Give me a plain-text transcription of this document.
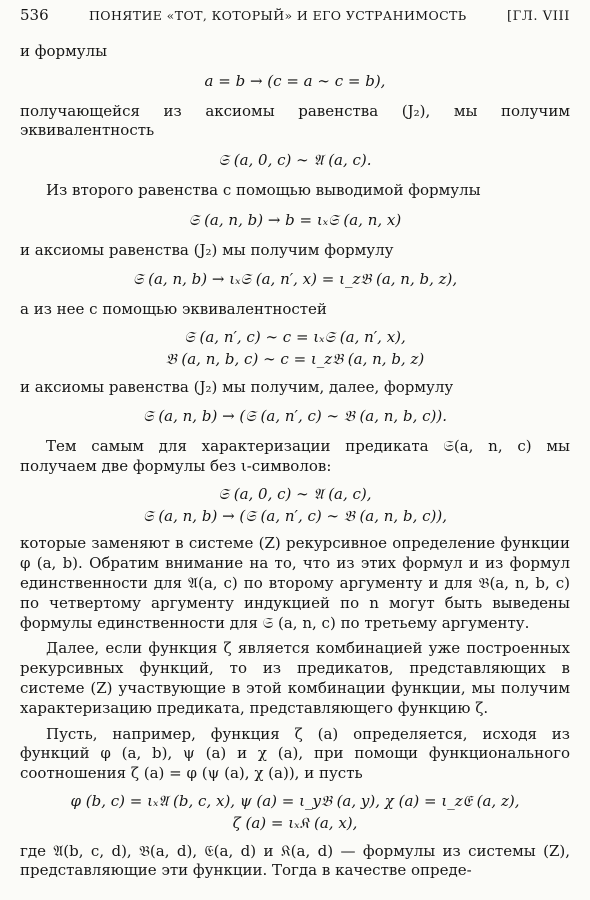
536	ПОНЯТИЕ «ТОТ, КОТОРЫЙ» И ЕГО УСТРАНИМОСТЬ	[ГЛ. VIII

и формулы

a = b → (c = a ∼ c = b),

получающейся из аксиомы равенства (J₂), мы получим эквивалентность

𝔖 (a, 0, c) ∼ 𝔄 (a, c).

Из второго равенства с помощью выводимой формулы

𝔖 (a, n, b) → b = ιₓ𝔖 (a, n, x)

и аксиомы равенства (J₂) мы получим формулу

𝔖 (a, n, b) → ιₓ𝔖 (a, n′, x) = ι_z𝔅 (a, n, b, z),

а из нее с помощью эквивалентностей

𝔖 (a, n′, c) ∼ c = ιₓ𝔖 (a, n′, x),
𝔅 (a, n, b, c) ∼ c = ι_z𝔅 (a, n, b, z)

и аксиомы равенства (J₂) мы получим, далее, формулу

𝔖 (a, n, b) → (𝔖 (a, n′, c) ∼ 𝔅 (a, n, b, c)).

Тем самым для характеризации предиката 𝔖(a, n, c) мы получаем две формулы без ι-символов:

𝔖 (a, 0, c) ∼ 𝔄 (a, c),
𝔖 (a, n, b) → (𝔖 (a, n′, c) ∼ 𝔅 (a, n, b, c)),

которые заменяют в системе (Z) рекурсивное определение функции φ (a, b). Обратим внимание на то, что из этих формул и из формул единственности для 𝔄(a, c) по второму аргументу и для 𝔅(a, n, b, c) по четвертому аргументу индукцией по n могут быть выведены формулы единственности для 𝔖 (a, n, c) по третьему аргументу.

Далее, если функция ζ является комбинацией уже построенных рекурсивных функций, то из предикатов, представляющих в системе (Z) участвующие в этой комбинации функции, мы получим характеризацию предиката, представляющего функцию ζ.

Пусть, например, функция ζ (a) определяется, исходя из функций φ (a, b), ψ (a) и χ (a), при помощи функционального соотношения ζ (a) = φ (ψ (a), χ (a)), и пусть

φ (b, c) = ιₓ𝔄 (b, c, x), ψ (a) = ι_y𝔅 (a, y), χ (a) = ι_z𝔈 (a, z),
ζ (a) = ιₓ𝔎 (a, x),

где 𝔄(b, c, d), 𝔅(a, d), 𝔈(a, d) и 𝔎(a, d) — формулы из системы (Z), представляющие эти функции. Тогда в качестве опреде-
